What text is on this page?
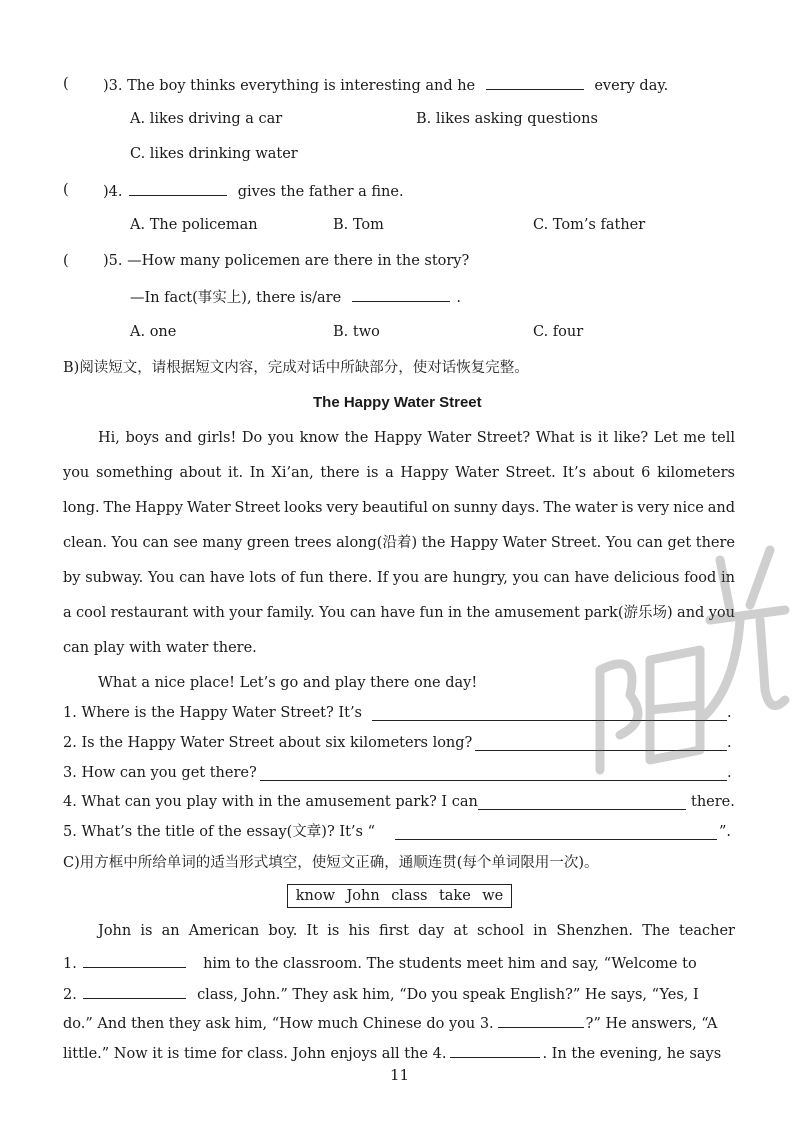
( )3. The boy thinks everything is interesting and he	every day.
A. likes driving a car	B. likes asking questions
C. likes drinking water
( )4.	gives the father a fine.
A. The policeman	B. Tom	C. Tom’s father
( )5. —How many policemen are there in the story?
—In fact(事实上), there is/are	.
A. one	B. two	C. four
B)阅读短文，请根据短文内容，完成对话中所缺部分，使对话恢复完整。
The Happy Water Street
Hi, boys and girls! Do you know the Happy Water Street? What is it like? Let me tell
you something about it. In Xi’an, there is a Happy Water Street. It’s about 6 kilometers
long. The Happy Water Street looks very beautiful on sunny days. The water is very nice and
clean. You can see many green trees along(沿着) the Happy Water Street. You can get there
by subway. You can have lots of fun there. If you are hungry, you can have delicious food in
a cool restaurant with your family. You can have fun in the amusement park(游乐场) and you
can play with water there.
What a nice place! Let’s go and play there one day!
1. Where is the Happy Water Street? It’s	.
2. Is the Happy Water Street about six kilometers long?	.
3. How can you get there?	.
4. What can you play with in the amusement park? I can	there.
5. What’s the title of the essay(文章)? It’s “	”.
C)用方框中所给单词的适当形式填空，使短文正确，通顺连贯(每个单词限用一次)。
know John class take we
John is an American boy. It is his first day at school in Shenzhen. The teacher
1.	him to the classroom. The students meet him and say, “Welcome to
2.	class, John.” They ask him, “Do you speak English?” He says, “Yes, I
do.” And then they ask him, “How much Chinese do you 3.	?” He answers, “A
little.” Now it is time for class. John enjoys all the 4.	. In the evening, he says
阳光
11
